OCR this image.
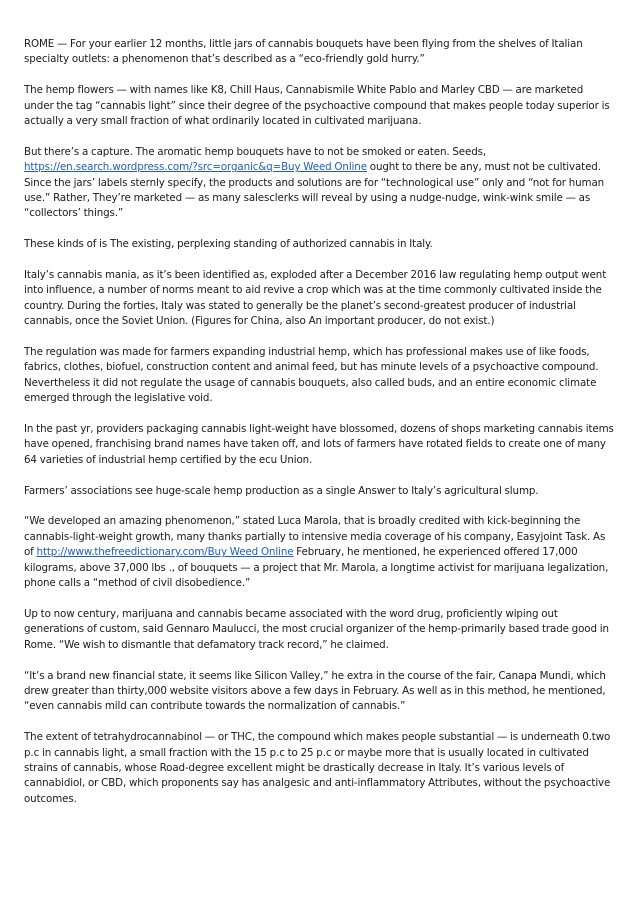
ROME — For your earlier 12 months, little jars of cannabis bouquets have been flying from the shelves of Italian specialty outlets: a phenomenon that’s described as a “eco-friendly gold hurry.”

The hemp flowers — with names like K8, Chill Haus, Cannabismile White Pablo and Marley CBD — are marketed under the tag “cannabis light” since their degree of the psychoactive compound that makes people today superior is actually a very small fraction of what ordinarily located in cultivated marijuana.

But there’s a capture. The aromatic hemp bouquets have to not be smoked or eaten. Seeds, https://en.search.wordpress.com/?src=organic&q=Buy Weed Online ought to there be any, must not be cultivated. Since the jars’ labels sternly specify, the products and solutions are for “technological use” only and “not for human use.” Rather, They’re marketed — as many salesclerks will reveal by using a nudge-nudge, wink-wink smile — as “collectors’ things.”

These kinds of is The existing, perplexing standing of authorized cannabis in Italy.

Italy’s cannabis mania, as it’s been identified as, exploded after a December 2016 law regulating hemp output went into influence, a number of norms meant to aid revive a crop which was at the time commonly cultivated inside the country. During the forties, Italy was stated to generally be the planet’s second-greatest producer of industrial cannabis, once the Soviet Union. (Figures for China, also An important producer, do not exist.)

The regulation was made for farmers expanding industrial hemp, which has professional makes use of like foods, fabrics, clothes, biofuel, construction content and animal feed, but has minute levels of a psychoactive compound. Nevertheless it did not regulate the usage of cannabis bouquets, also called buds, and an entire economic climate emerged through the legislative void.

In the past yr, providers packaging cannabis light-weight have blossomed, dozens of shops marketing cannabis items have opened, franchising brand names have taken off, and lots of farmers have rotated fields to create one of many 64 varieties of industrial hemp certified by the ecu Union.

Farmers’ associations see huge-scale hemp production as a single Answer to Italy’s agricultural slump.

“We developed an amazing phenomenon,” stated Luca Marola, that is broadly credited with kick-beginning the cannabis-light-weight growth, many thanks partially to intensive media coverage of his company, Easyjoint Task. As of http://www.thefreedictionary.com/Buy Weed Online February, he mentioned, he experienced offered 17,000 kilograms, above 37,000 lbs ., of bouquets — a project that Mr. Marola, a longtime activist for marijuana legalization, phone calls a “method of civil disobedience.”

Up to now century, marijuana and cannabis became associated with the word drug, proficiently wiping out generations of custom, said Gennaro Maulucci, the most crucial organizer of the hemp-primarily based trade good in Rome. “We wish to dismantle that defamatory track record,” he claimed.

“It’s a brand new financial state, it seems like Silicon Valley,” he extra in the course of the fair, Canapa Mundi, which drew greater than thirty,000 website visitors above a few days in February. As well as in this method, he mentioned, “even cannabis mild can contribute towards the normalization of cannabis.”

The extent of tetrahydrocannabinol — or THC, the compound which makes people substantial — is underneath 0.two p.c in cannabis light, a small fraction with the 15 p.c to 25 p.c or maybe more that is usually located in cultivated strains of cannabis, whose Road-degree excellent might be drastically decrease in Italy. It’s various levels of cannabidiol, or CBD, which proponents say has analgesic and anti-inflammatory Attributes, without the psychoactive outcomes.
